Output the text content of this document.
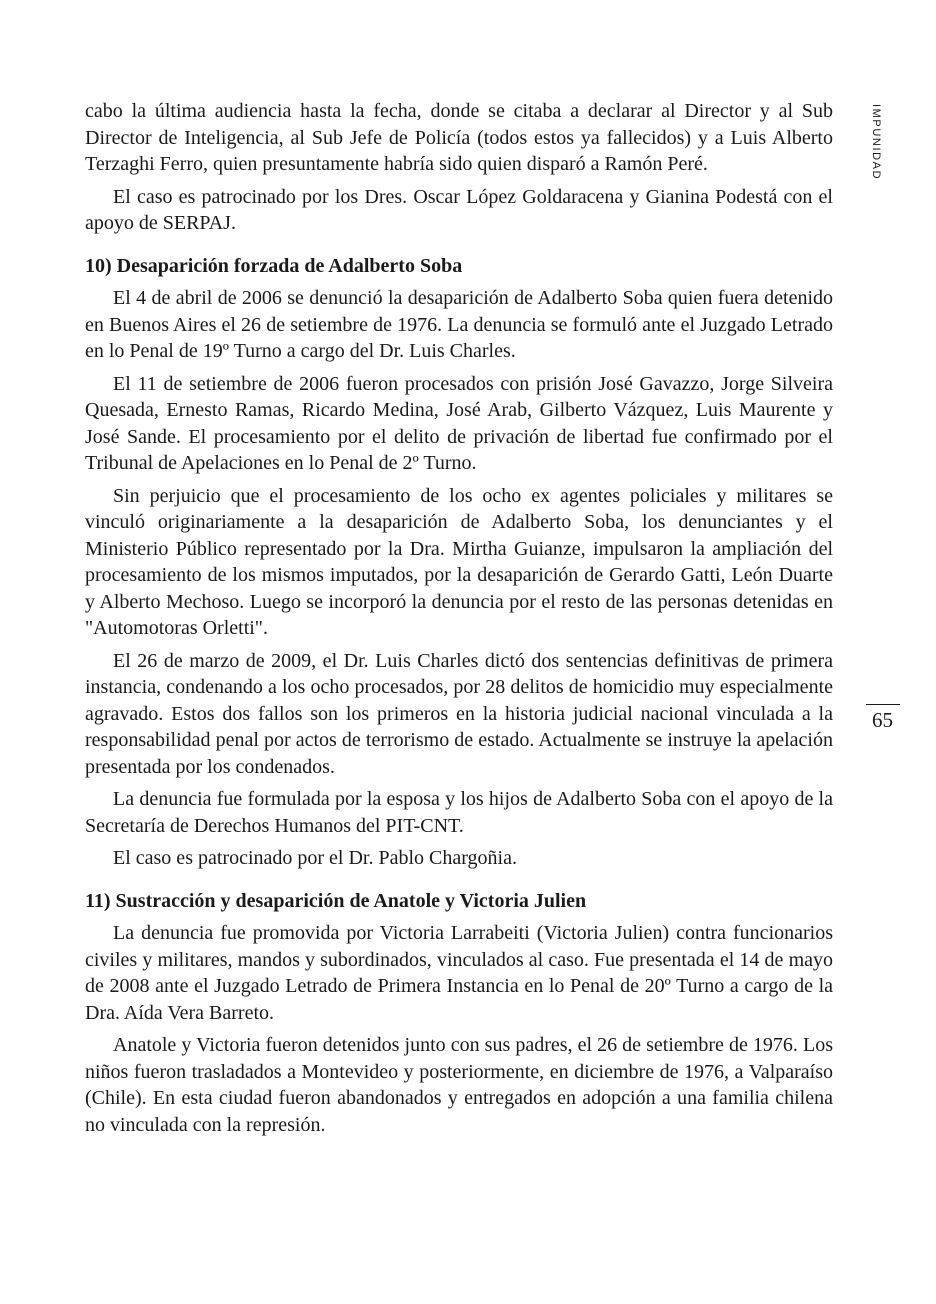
IMPUNIDAD
65

cabo la última audiencia hasta la fecha, donde se citaba a declarar al Director y al Sub Director de Inteligencia, al Sub Jefe de Policía (todos estos ya fallecidos) y a Luis Alberto Terzaghi Ferro, quien presuntamente habría sido quien disparó a Ramón Peré.

El caso es patrocinado por los Dres. Oscar López Goldaracena y Gianina Podestá con el apoyo de SERPAJ.

10) Desaparición forzada de Adalberto Soba

El 4 de abril de 2006 se denunció la desaparición de Adalberto Soba quien fuera detenido en Buenos Aires el 26 de setiembre de 1976. La denuncia se formuló ante el Juzgado Letrado en lo Penal de 19º Turno a cargo del Dr. Luis Charles.

El 11 de setiembre de 2006 fueron procesados con prisión José Gavazzo, Jorge Silveira Quesada, Ernesto Ramas, Ricardo Medina, José Arab, Gilberto Vázquez, Luis Maurente y José Sande. El procesamiento por el delito de privación de libertad fue confirmado por el Tribunal de Apelaciones en lo Penal de 2º Turno.

Sin perjuicio que el procesamiento de los ocho ex agentes policiales y militares se vinculó originariamente a la desaparición de Adalberto Soba, los denunciantes y el Ministerio Público representado por la Dra. Mirtha Guianze, impulsaron la ampliación del procesamiento de los mismos imputados, por la desaparición de Gerardo Gatti, León Duarte y Alberto Mechoso. Luego se incorporó la denuncia por el resto de las personas detenidas en "Automotoras Orletti".

El 26 de marzo de 2009, el Dr. Luis Charles dictó dos sentencias definitivas de primera instancia, condenando a los ocho procesados, por 28 delitos de homicidio muy especialmente agravado. Estos dos fallos son los primeros en la historia judicial nacional vinculada a la responsabilidad penal por actos de terrorismo de estado. Actualmente se instruye la apelación presentada por los condenados.

La denuncia fue formulada por la esposa y los hijos de Adalberto Soba con el apoyo de la Secretaría de Derechos Humanos del PIT-CNT.

El caso es patrocinado por el Dr. Pablo Chargoñia.

11) Sustracción y desaparición de Anatole y Victoria Julien

La denuncia fue promovida por Victoria Larrabeiti (Victoria Julien) contra funcionarios civiles y militares, mandos y subordinados, vinculados al caso. Fue presentada el 14 de mayo de 2008 ante el Juzgado Letrado de Primera Instancia en lo Penal de 20º Turno a cargo de la Dra. Aída Vera Barreto.

Anatole y Victoria fueron detenidos junto con sus padres, el 26 de setiembre de 1976. Los niños fueron trasladados a Montevideo y posteriormente, en diciembre de 1976, a Valparaíso (Chile). En esta ciudad fueron abandonados y entregados en adopción a una familia chilena no vinculada con la represión.
